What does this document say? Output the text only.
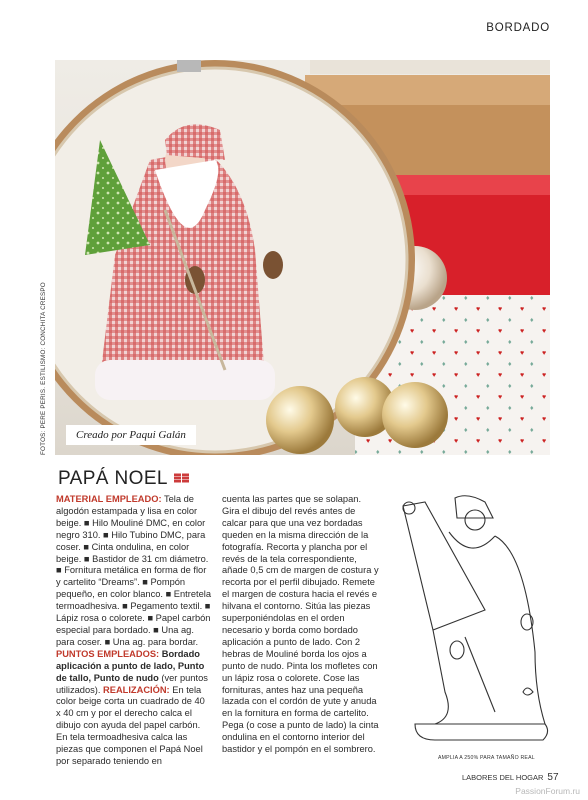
BORDADO
FOTOS: PERE PERIS. ESTILISMO: CONCHITA CRESPO	Creado por Paqui Galán
PAPÁ NOEL
MATERIAL EMPLEADO: Tela de algodón estampada y lisa en color beige. ■ Hilo Mouliné DMC, en color negro 310. ■ Hilo Tubino DMC, para coser. ■ Cinta ondulina, en color beige. ■ Bastidor de 31 cm diámetro. ■ Fornitura metálica en forma de flor y cartelito “Dreams”. ■ Pompón pequeño, en color blanco. ■ Entretela termoadhesiva. ■ Pegamento textil. ■ Lápiz rosa o colorete. ■ Papel carbón especial para bordado. ■ Una ag. para coser. ■ Una ag. para bordar. PUNTOS EMPLEADOS: Bordado aplicación a punto de lado, Punto de tallo, Punto de nudo (ver puntos utilizados). REALIZACIÓN: En tela color beige corta un cuadrado de 40 x 40 cm y por el derecho calca el dibujo con ayuda del papel carbón. En tela termoadhesiva calca las piezas que componen el Papá Noel por separado teniendo en
cuenta las partes que se solapan. Gira el dibujo del revés antes de calcar para que una vez bordadas queden en la misma dirección de la fotografía. Recorta y plancha por el revés de la tela correspondiente, añade 0,5 cm de margen de costura y recorta por el perfil dibujado. Remete el margen de costura hacia el revés e hilvana el contorno. Sitúa las piezas superponiéndolas en el orden necesario y borda como bordado aplicación a punto de lado. Con 2 hebras de Mouliné borda los ojos a punto de nudo. Pinta los mofletes con un lápiz rosa o colorete. Cose las fornituras, antes haz una pequeña lazada con el cordón de yute y anuda en la fornitura en forma de cartelito. Pega (o cose a punto de lado) la cinta ondulina en el contorno interior del bastidor y el pompón en el sombrero.
AMPLIA A 250% PARA TAMAÑO REAL
LABORES DEL HOGAR 57
PassionForum.ru
